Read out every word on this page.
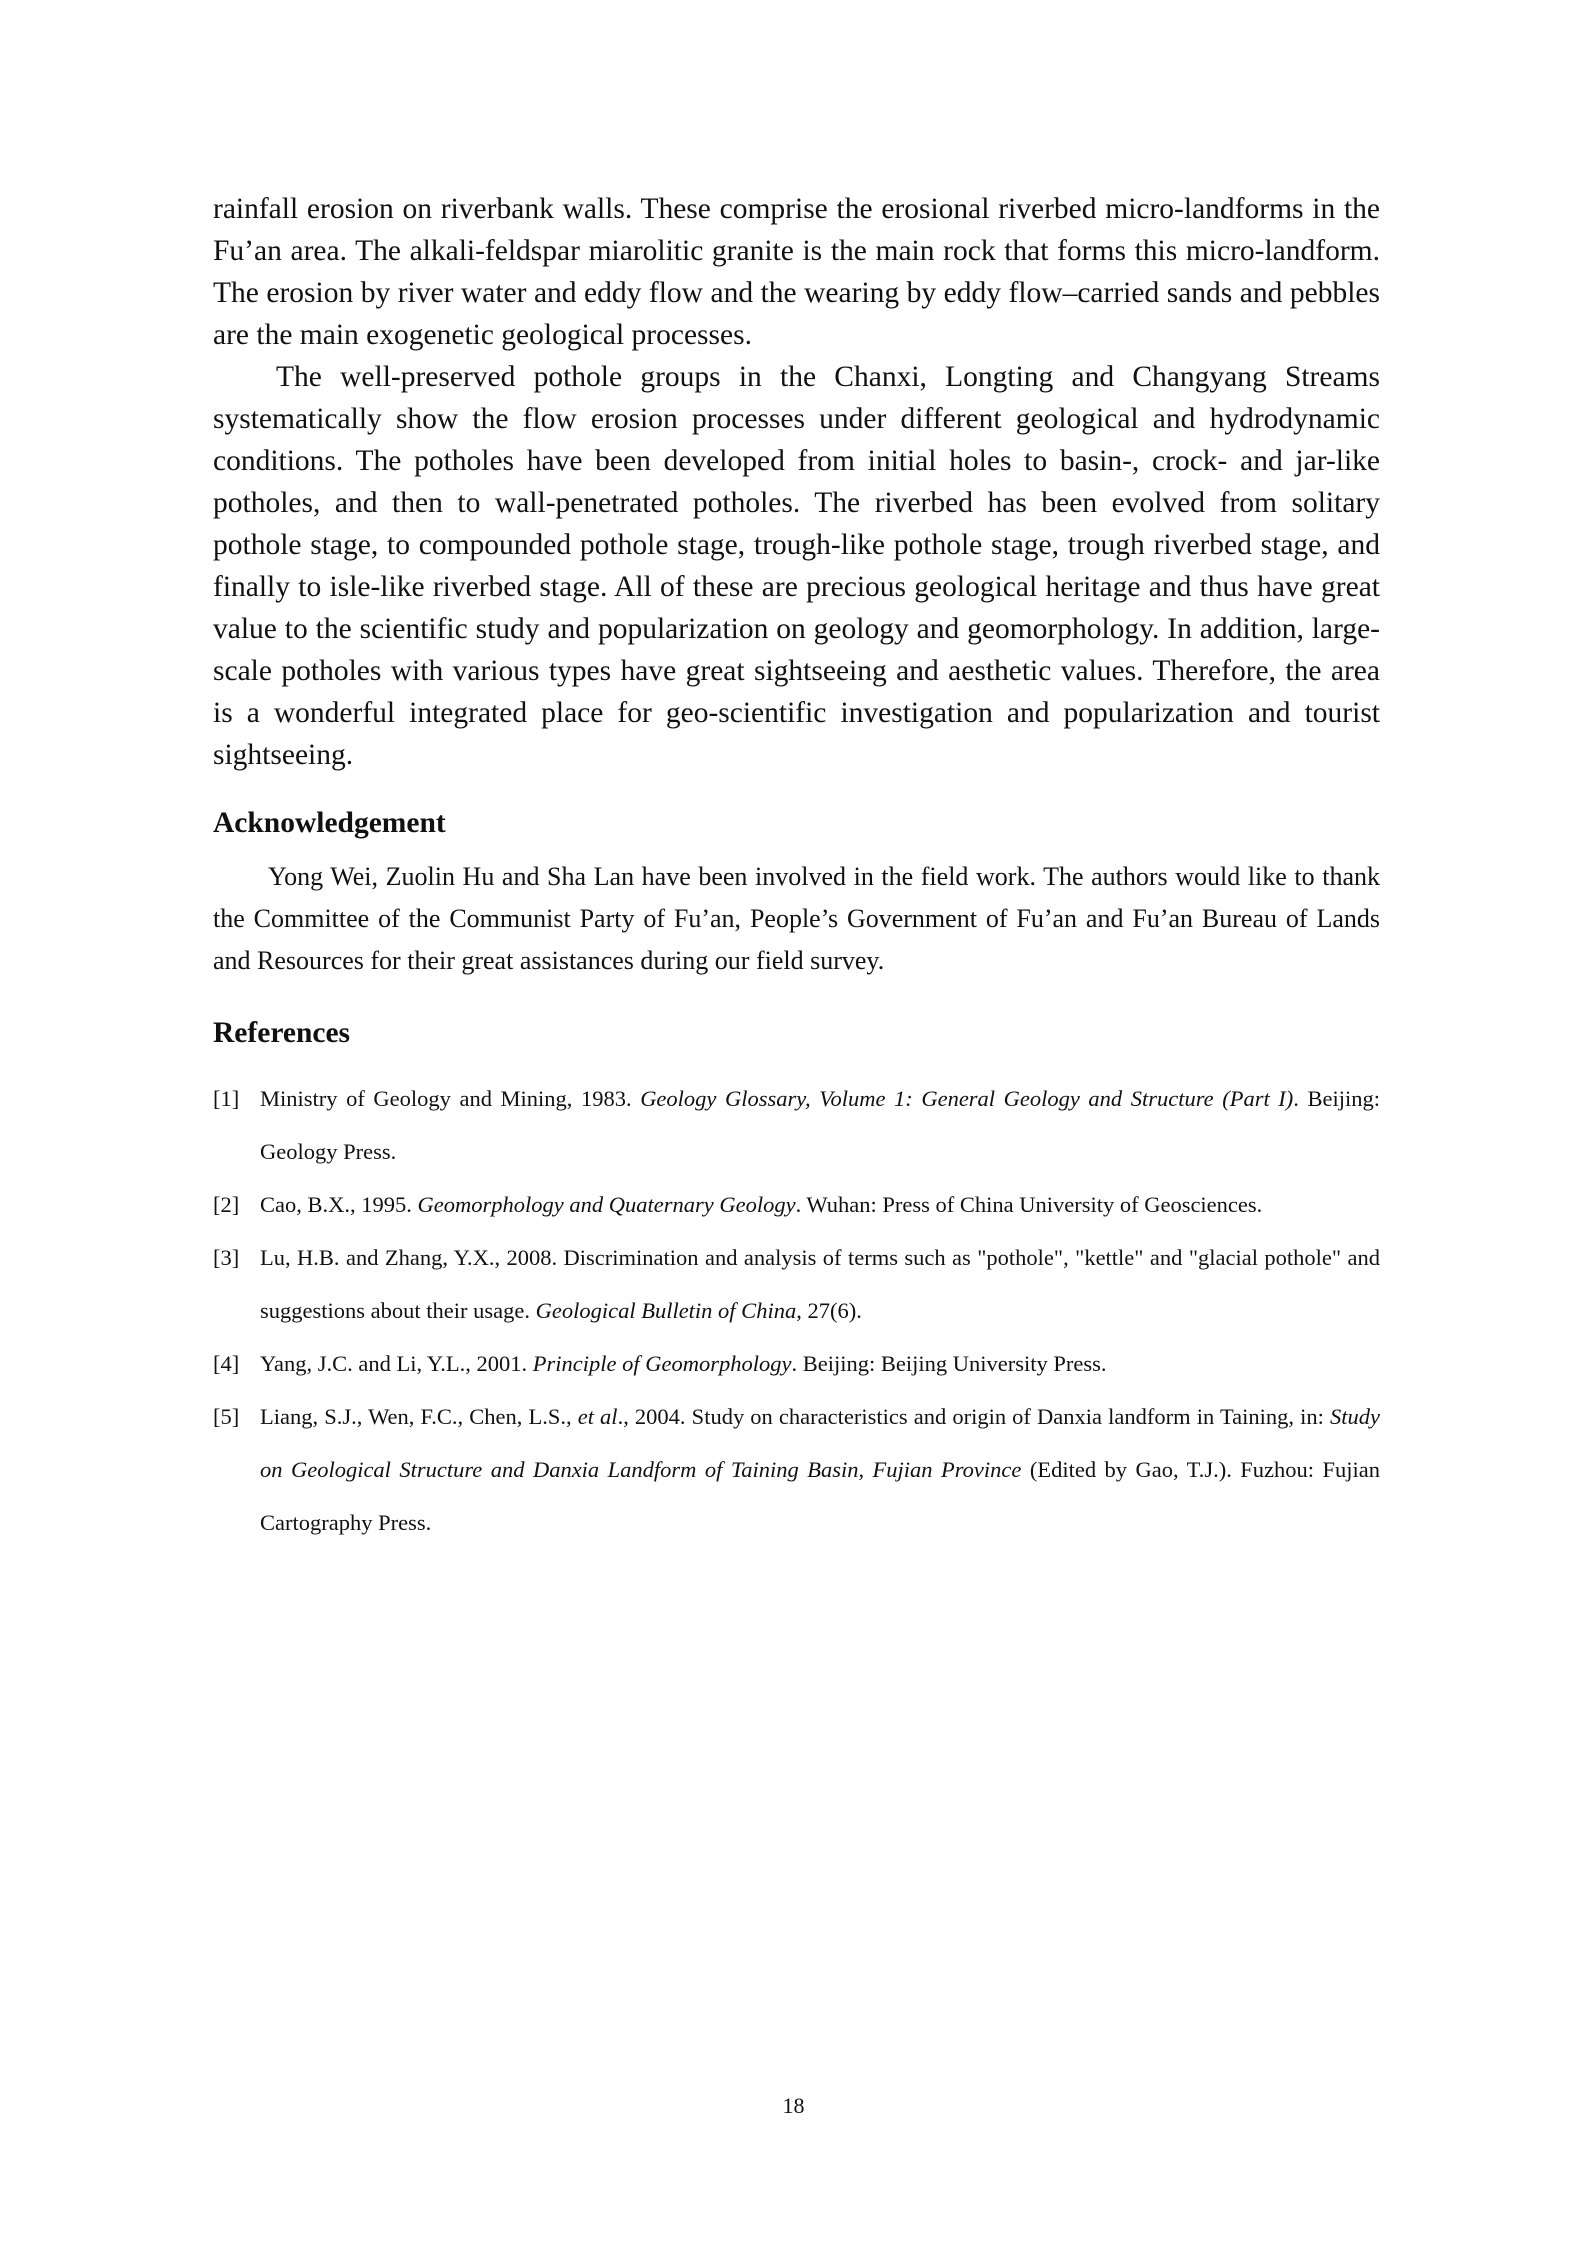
rainfall erosion on riverbank walls. These comprise the erosional riverbed micro-landforms in the Fu’an area. The alkali-feldspar miarolitic granite is the main rock that forms this micro-landform. The erosion by river water and eddy flow and the wearing by eddy flow–carried sands and pebbles are the main exogenetic geological processes.

The well-preserved pothole groups in the Chanxi, Longting and Changyang Streams systematically show the flow erosion processes under different geological and hydrodynamic conditions. The potholes have been developed from initial holes to basin-, crock- and jar-like potholes, and then to wall-penetrated potholes. The riverbed has been evolved from solitary pothole stage, to compounded pothole stage, trough-like pothole stage, trough riverbed stage, and finally to isle-like riverbed stage. All of these are precious geological heritage and thus have great value to the scientific study and popularization on geology and geomorphology. In addition, large-scale potholes with various types have great sightseeing and aesthetic values. Therefore, the area is a wonderful integrated place for geo-scientific investigation and popularization and tourist sightseeing.

Acknowledgement

Yong Wei, Zuolin Hu and Sha Lan have been involved in the field work. The authors would like to thank the Committee of the Communist Party of Fu’an, People’s Government of Fu’an and Fu’an Bureau of Lands and Resources for their great assistances during our field survey.

References
[1] Ministry of Geology and Mining, 1983. Geology Glossary, Volume 1: General Geology and Structure (Part I). Beijing: Geology Press.
[2] Cao, B.X., 1995. Geomorphology and Quaternary Geology. Wuhan: Press of China University of Geosciences.
[3] Lu, H.B. and Zhang, Y.X., 2008. Discrimination and analysis of terms such as "pothole", "kettle" and "glacial pothole" and suggestions about their usage. Geological Bulletin of China, 27(6).
[4] Yang, J.C. and Li, Y.L., 2001. Principle of Geomorphology. Beijing: Beijing University Press.
[5] Liang, S.J., Wen, F.C., Chen, L.S., et al., 2004. Study on characteristics and origin of Danxia landform in Taining, in: Study on Geological Structure and Danxia Landform of Taining Basin, Fujian Province (Edited by Gao, T.J.). Fuzhou: Fujian Cartography Press.
18
